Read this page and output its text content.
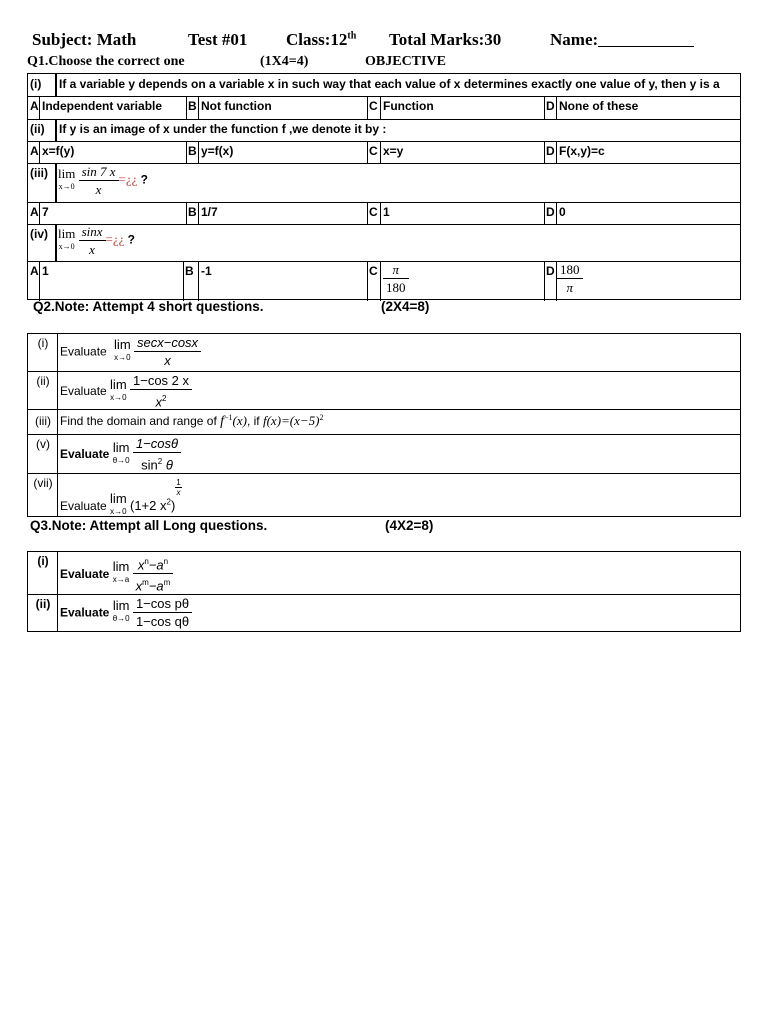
Subject: Math	Test #01 Class:12th Total Marks:30	Name:
Q1.Choose the correct one	(1X4=4)	OBJECTIVE
(i) If a variable y depends on a variable x in such way that each value of x determines exactly one value of y, then y is a
A Independent variable B Not function	C Function	D None of these
(ii) If y is an image of x under the function f ,we denote it by :
A x=f(y)	B y=f(x)	C x=y	D F(x,y)=c
(iii) lim
x→0
$\frac{\sin 7 x}{x}$ =¿¿ ?
A 7	B 1/7	C 1	D 0
(iv) lim
x→0
$\frac{\sin x}{x}$ =¿¿ ?
A 1	B -1	C $\frac{\pi}{180}$	D $\frac{180}{\pi}$
Q2.Note: Attempt 4 short questions.	(2X4=8)
(i)
Evaluate lim
x→0
$\frac{\sec x-\cos x}{x}$
(ii)
Evaluate lim
x→0
$\frac{1-\cos 2 x}{x^2}$
(iii) Find the domain and range of $f^{-1}(x)$, if $f(x)=(x-5)^2$
(v)
Evaluate lim
θ→0
$\frac{1-\cos\theta}{\sin^2 \theta}$
(vii)
Evaluate lim
x→0 (1+2 $x^2$)
$\frac{1}{x}$
Q3.Note: Attempt all Long questions.	(4X2=8)
(i)
Evaluate lim
x→a
$\frac{x^n-a^n}{x^m-a^m}$
(ii)
Evaluate lim
θ→0
$\frac{\text{1−cos pθ}}{\text{1−cos qθ}}$
